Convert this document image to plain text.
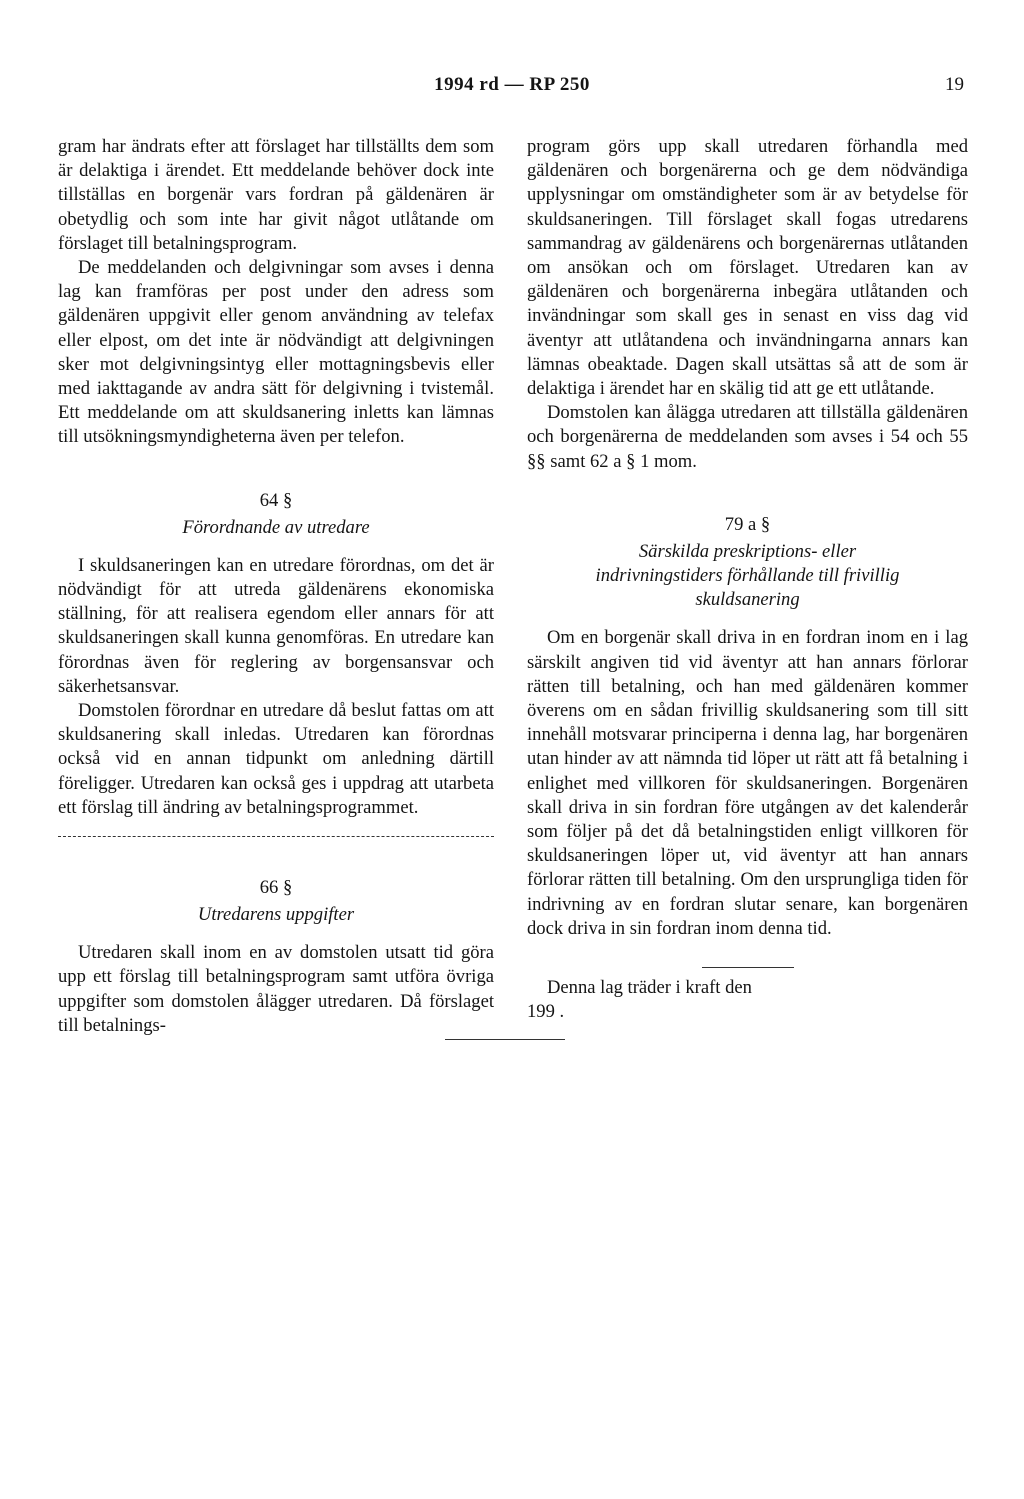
1994 rd — RP 250	19

gram har ändrats efter att förslaget har tillställts dem som är delaktiga i ärendet. Ett meddelande behöver dock inte tillställas en borgenär vars fordran på gäldenären är obetydlig och som inte har givit något utlåtande om förslaget till betalningsprogram.

De meddelanden och delgivningar som avses i denna lag kan framföras per post under den adress som gäldenären uppgivit eller genom användning av telefax eller elpost, om det inte är nödvändigt att delgivningen sker mot delgivningsintyg eller mottagningsbevis eller med iakttagande av andra sätt för delgivning i tvistemål. Ett meddelande om att skuldsanering inletts kan lämnas till utsökningsmyndigheterna även per telefon.

64 §
Förordnande av utredare

I skuldsaneringen kan en utredare förordnas, om det är nödvändigt för att utreda gäldenärens ekonomiska ställning, för att realisera egendom eller annars för att skuldsaneringen skall kunna genomföras. En utredare kan förordnas även för reglering av borgensansvar och säkerhetsansvar.

Domstolen förordnar en utredare då beslut fattas om att skuldsanering skall inledas. Utredaren kan förordnas också vid en annan tidpunkt om anledning därtill föreligger. Utredaren kan också ges i uppdrag att utarbeta ett förslag till ändring av betalningsprogrammet.

66 §
Utredarens uppgifter

Utredaren skall inom en av domstolen utsatt tid göra upp ett förslag till betalningsprogram samt utföra övriga uppgifter som domstolen ålägger utredaren. Då förslaget till betalnings-

program görs upp skall utredaren förhandla med gäldenären och borgenärerna och ge dem nödvändiga upplysningar om omständigheter som är av betydelse för skuldsaneringen. Till förslaget skall fogas utredarens sammandrag av gäldenärens och borgenärernas utlåtanden om ansökan och om förslaget. Utredaren kan av gäldenären och borgenärerna inbegära utlåtanden och invändningar som skall ges in senast en viss dag vid äventyr att utlåtandena och invändningarna annars kan lämnas obeaktade. Dagen skall utsättas så att de som är delaktiga i ärendet har en skälig tid att ge ett utlåtande.

Domstolen kan ålägga utredaren att tillställa gäldenären och borgenärerna de meddelanden som avses i 54 och 55 §§ samt 62 a § 1 mom.

79 a §
Särskilda preskriptions- eller
indrivningstiders förhållande till frivillig
skuldsanering

Om en borgenär skall driva in en fordran inom en i lag särskilt angiven tid vid äventyr att han annars förlorar rätten till betalning, och han med gäldenären kommer överens om en sådan frivillig skuldsanering som till sitt innehåll motsvarar principerna i denna lag, har borgenären utan hinder av att nämnda tid löper ut rätt att få betalning i enlighet med villkoren för skuldsaneringen. Borgenären skall driva in sin fordran före utgången av det kalenderår som följer på det då betalningstiden enligt villkoren för skuldsaneringen löper ut, vid äventyr att han annars förlorar rätten till betalning. Om den ursprungliga tiden för indrivning av en fordran slutar senare, kan borgenären dock driva in sin fordran inom denna tid.

Denna lag träder i kraft den
199 .
